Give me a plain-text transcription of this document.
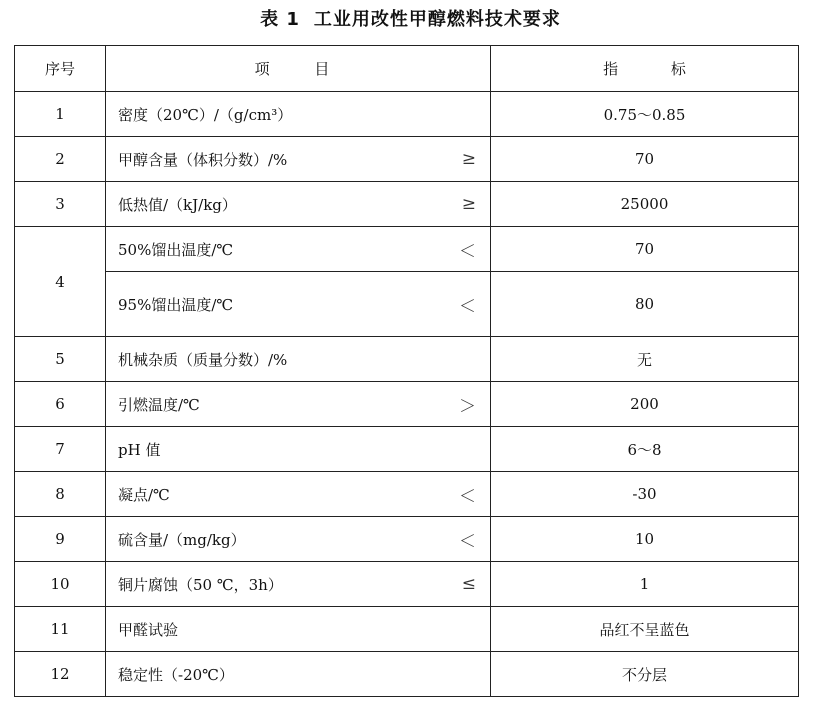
表 1 工业用改性甲醇燃料技术要求
序号	项 目	指 标
1	密度（20℃）/（g/cm³）	0.75～0.85
2	甲醇含量（体积分数）/% ≥	70
3	低热值/（kJ/kg） ≥	25000
4	50%馏出温度/℃ ＜	70

	95%馏出温度/℃ ＜	80
5	机械杂质（质量分数）/%	无
6	引燃温度/℃ ＞	200
7	pH 值	6～8
8	凝点/℃ ＜	-30
9	硫含量/（mg/kg） ＜	10
10	铜片腐蚀（50 ℃，3h） ≤	1
11	甲醛试验	品红不呈蓝色
12	稳定性（-20℃）	不分层
